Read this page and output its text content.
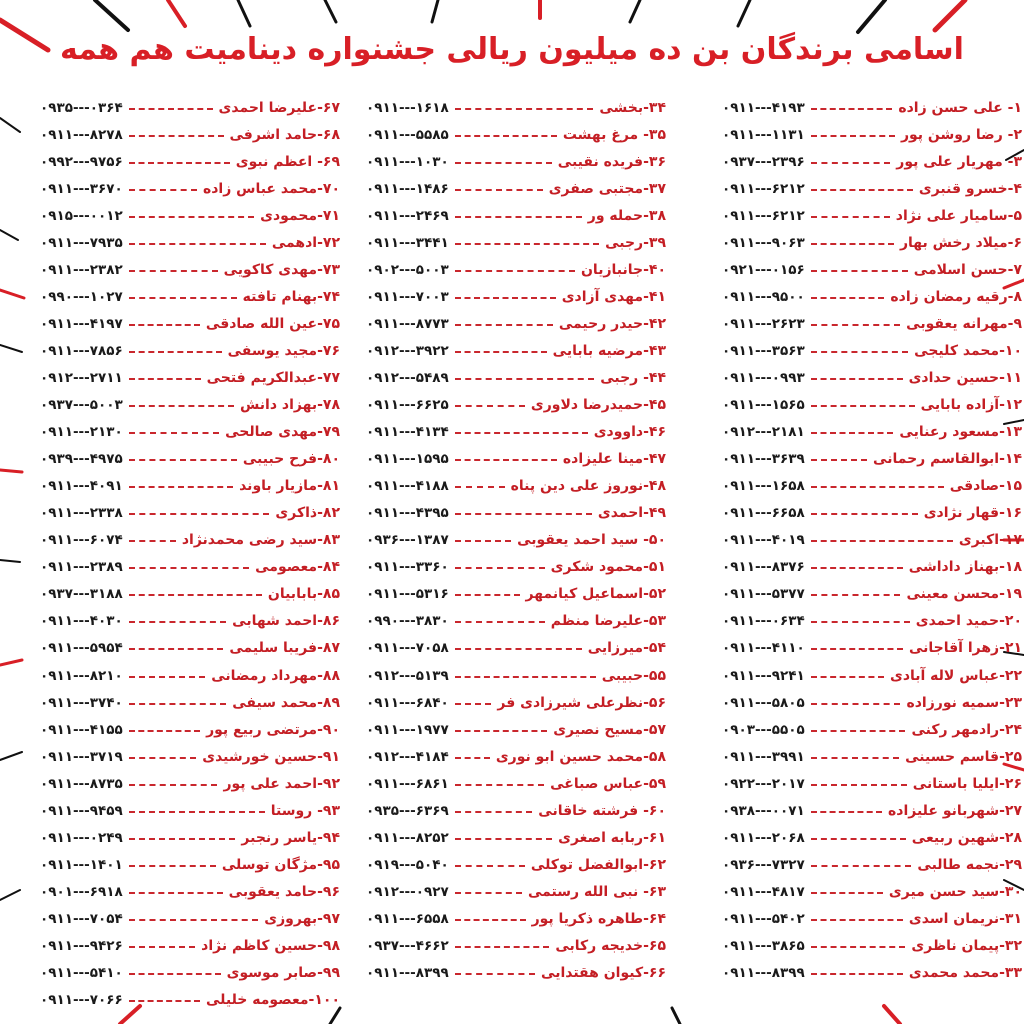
اسامی برندگان بن ده میلیون ریالی جشنواره دینامیت هم همه
۰۹۱۱---۴۱۹۳	۱- علی حسن زاده
۰۹۱۱---۱۱۳۱	۲- رضا روشن پور
۰۹۳۷---۲۳۹۶	۳- مهریار علی پور
۰۹۱۱---۶۲۱۲	۴-خسرو قنبری
۰۹۱۱---۶۲۱۲	۵-سامیار علی نژاد
۰۹۱۱---۹۰۶۳	۶-میلاد رخش بهار
۰۹۲۱---۰۱۵۶	۷-حسن اسلامی
۰۹۱۱---۹۵۰۰	۸-رقیه رمضان زاده
۰۹۱۱---۲۶۲۳	۹-مهرانه یعقوبی
۰۹۱۱---۳۵۶۳	۱۰-محمد کلیجی
۰۹۱۱---۰۹۹۳	۱۱-حسین حدادی
۰۹۱۱---۱۵۶۵	۱۲-آزاده بابایی
۰۹۱۲---۲۱۸۱	۱۳-مسعود رعنایی
۰۹۱۱---۳۶۳۹	۱۴-ابوالقاسم رحمانی
۰۹۱۱---۱۶۵۸	۱۵-صادقی
۰۹۱۱---۶۶۵۸	۱۶-قهار نژادی
۰۹۱۱---۴۰۱۹	۱۷-اکبری
۰۹۱۱---۸۳۷۶	۱۸-بهناز داداشی
۰۹۱۱---۵۳۷۷	۱۹-محسن معینی
۰۹۱۱---۰۶۳۴	۲۰-حمید احمدی
۰۹۱۱---۴۱۱۰	۲۱-زهرا آقاجانی
۰۹۱۱---۹۲۴۱	۲۲-عباس لاله آبادی
۰۹۱۱---۵۸۰۵	۲۳-سمیه نورزاده
۰۹۰۳---۵۵۰۵	۲۴-رادمهر رکنی
۰۹۱۱---۳۹۹۱	۲۵-قاسم حسینی
۰۹۲۲---۲۰۱۷	۲۶-ایلیا باستانی
۰۹۳۸---۰۰۷۱	۲۷-شهربانو علیزاده
۰۹۱۱---۲۰۶۸	۲۸-شهین ربیعی
۰۹۳۶---۷۳۲۷	۲۹-نجمه طالبی
۰۹۱۱---۴۸۱۷	۳۰-سید حسن میری
۰۹۱۱---۵۴۰۲	۳۱-نریمان اسدی
۰۹۱۱---۳۸۶۵	۳۲-پیمان ناظری
۰۹۱۱---۸۳۹۹	۳۳-محمد محمدی
۰۹۱۱---۱۶۱۸	۳۴-بخشی
۰۹۱۱---۵۵۸۵	۳۵- مرغ بهشت
۰۹۱۱---۱۰۳۰	۳۶-فریده نقیبی
۰۹۱۱---۱۴۸۶	۳۷-مجتبی صفری
۰۹۱۱---۲۴۶۹	۳۸-حمله ور
۰۹۱۱---۳۴۴۱	۳۹-رجبی
۰۹۰۲---۵۰۰۳	۴۰-جانبازیان
۰۹۱۱---۷۰۰۳	۴۱-مهدی آزادی
۰۹۱۱---۸۷۷۳	۴۲-حیدر رحیمی
۰۹۱۲---۳۹۲۲	۴۳-مرضیه بابایی
۰۹۱۲---۵۴۸۹	۴۴- رجبی
۰۹۱۱---۶۶۲۵	۴۵-حمیدرضا دلاوری
۰۹۱۱---۴۱۳۴	۴۶-داوودی
۰۹۱۱---۱۵۹۵	۴۷-مینا علیزاده
۰۹۱۱---۴۱۸۸	۴۸-نوروز علی دین پناه
۰۹۱۱---۴۳۹۵	۴۹-احمدی
۰۹۳۶---۱۳۸۷	۵۰- سید احمد یعقوبی
۰۹۱۱---۳۳۶۰	۵۱-محمود شکری
۰۹۱۱---۵۳۱۶	۵۲-اسماعیل کیانمهر
۰۹۹۰---۳۸۳۰	۵۳-علیرضا منظم
۰۹۱۱---۷۰۵۸	۵۴-میرزایی
۰۹۱۲---۵۱۳۹	۵۵-حبیبی
۰۹۱۱---۶۸۴۰	۵۶-نظرعلی شیرزادی فر
۰۹۱۱---۱۹۷۷	۵۷-مسیح نصیری
۰۹۱۲---۴۱۸۴	۵۸-محمد حسین ابو نوری
۰۹۱۱---۶۸۶۱	۵۹-عباس صباغی
۰۹۳۵---۶۳۶۹	۶۰- فرشته خاقانی
۰۹۱۱---۸۲۵۲	۶۱-ربابه اصغری
۰۹۱۹---۵۰۴۰	۶۲-ابوالفضل توکلی
۰۹۱۲---۰۹۲۷	۶۳- نبی الله رستمی
۰۹۱۱---۶۵۵۸	۶۴-طاهره ذکریا پور
۰۹۳۷---۴۶۶۲	۶۵-خدیجه رکابی
۰۹۱۱---۸۳۹۹	۶۶-کیوان هقتدایی
۰۹۳۵---۰۳۶۴	۶۷-علیرضا احمدی
۰۹۱۱---۸۲۷۸	۶۸-حامد اشرفی
۰۹۹۲---۹۷۵۶	۶۹- اعظم نبوی
۰۹۱۱---۳۶۷۰	۷۰-محمد عباس زاده
۰۹۱۵---۰۰۱۲	۷۱-محمودی
۰۹۱۱---۷۹۳۵	۷۲-ادهمی
۰۹۱۱---۲۳۸۲	۷۳-مهدی کاکویی
۰۹۹۰---۱۰۲۷	۷۴-بهنام تافته
۰۹۱۱---۴۱۹۷	۷۵-عین الله صادقی
۰۹۱۱---۷۸۵۶	۷۶-مجید یوسفی
۰۹۱۲---۲۷۱۱	۷۷-عبدالکریم فتحی
۰۹۳۷---۵۰۰۳	۷۸-بهزاد دانش
۰۹۱۱---۲۱۳۰	۷۹-مهدی صالحی
۰۹۳۹---۴۹۷۵	۸۰-فرح حبیبی
۰۹۱۱---۴۰۹۱	۸۱-مازیار باوند
۰۹۱۱---۲۳۳۸	۸۲-ذاکری
۰۹۱۱---۶۰۷۴	۸۳-سید رضی محمدنژاد
۰۹۱۱---۲۳۸۹	۸۴-معصومی
۰۹۳۷---۳۱۸۸	۸۵-بابابیان
۰۹۱۱---۴۰۳۰	۸۶-احمد شهابی
۰۹۱۱---۵۹۵۴	۸۷-فریبا سلیمی
۰۹۱۱---۸۲۱۰	۸۸-مهرداد رمضانی
۰۹۱۱---۳۷۴۰	۸۹-محمد سیفی
۰۹۱۱---۴۱۵۵	۹۰-مرتضی ربیع پور
۰۹۱۱---۳۷۱۹	۹۱-حسین خورشیدی
۰۹۱۱---۸۷۳۵	۹۲-احمد علی پور
۰۹۱۱---۹۴۵۹	۹۳- روستا
۰۹۱۱---۰۲۴۹	۹۴-یاسر رنجبر
۰۹۱۱---۱۴۰۱	۹۵-مژگان توسلی
۰۹۰۱---۶۹۱۸	۹۶-حامد یعقوبی
۰۹۱۱---۷۰۵۴	۹۷-بهروزی
۰۹۱۱---۹۴۲۶	۹۸-حسین کاظم نژاد
۰۹۱۱---۵۴۱۰	۹۹-صابر موسوی
۰۹۱۱---۷۰۶۶	۱۰۰-معصومه خلیلی
